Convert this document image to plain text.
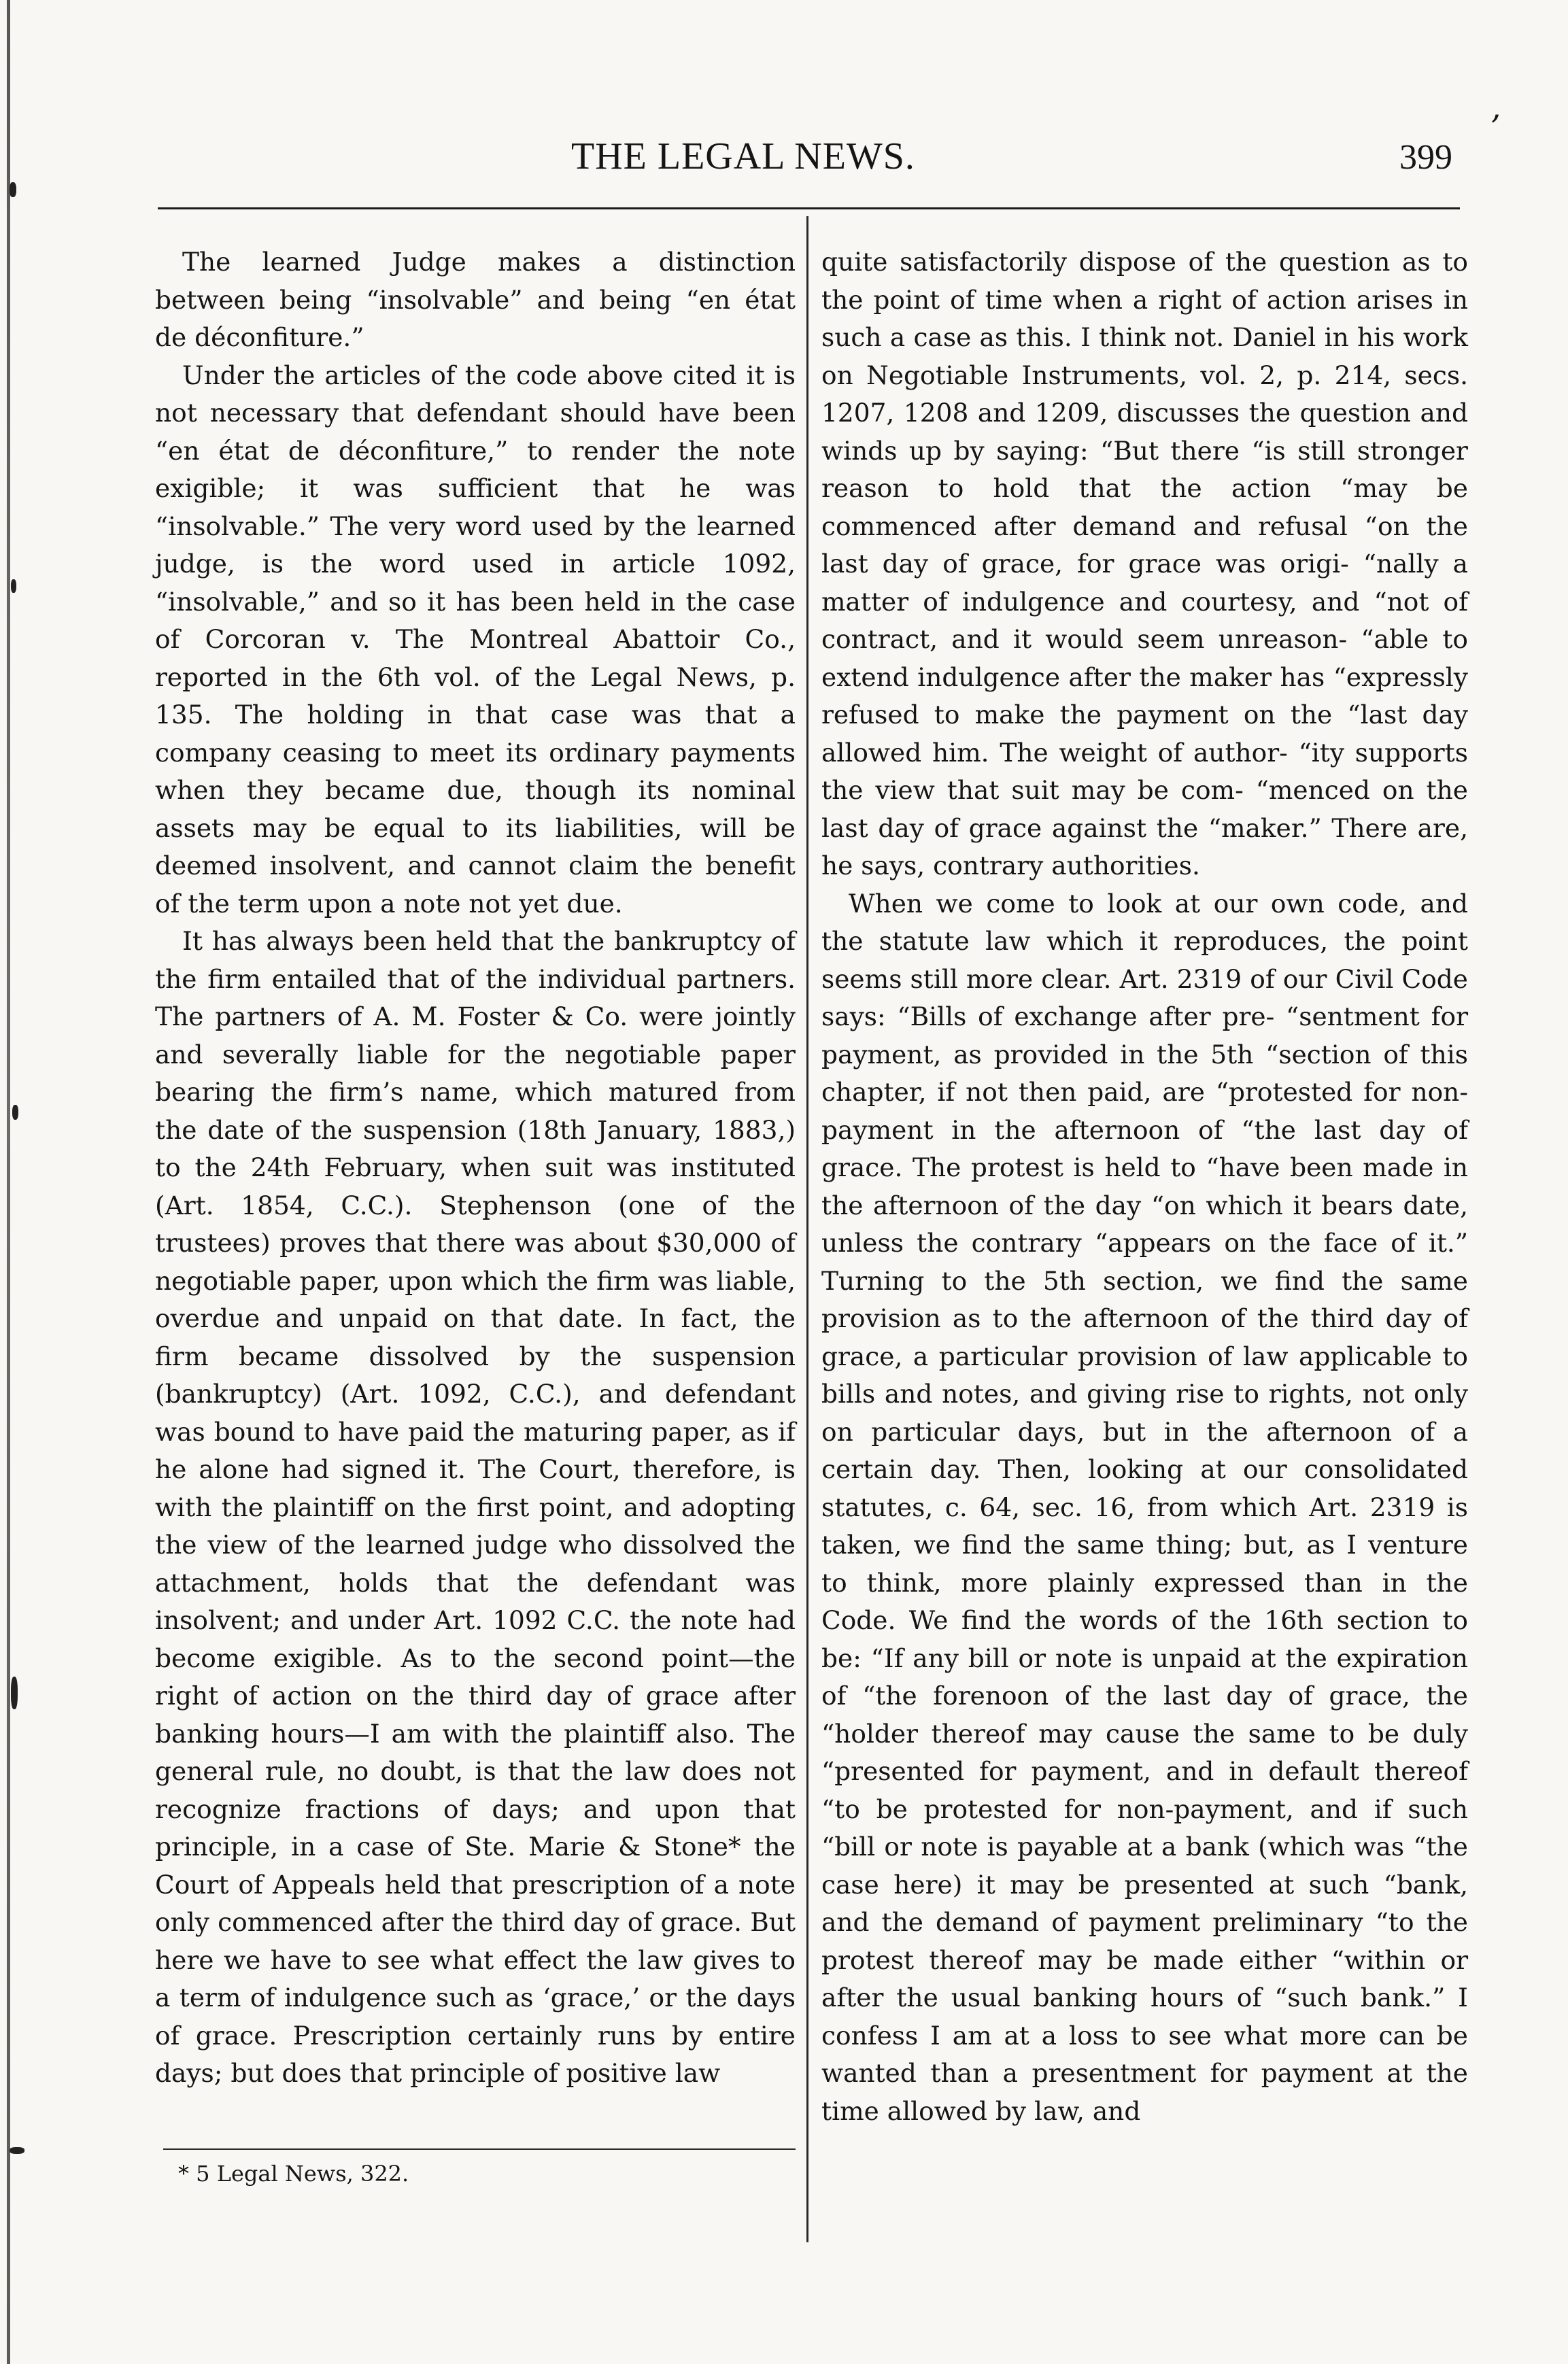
ʼ
THE LEGAL NEWS.	399

The learned Judge makes a distinction between being “insolvable” and being “en état de déconfiture.”

Under the articles of the code above cited it is not necessary that defendant should have been “en état de déconfiture,” to render the note exigible; it was sufficient that he was “insolvable.” The very word used by the learned judge, is the word used in article 1092, “insolvable,” and so it has been held in the case of Corcoran v. The Montreal Abattoir Co., reported in the 6th vol. of the Legal News, p. 135. The holding in that case was that a company ceasing to meet its ordinary payments when they became due, though its nominal assets may be equal to its liabilities, will be deemed insolvent, and cannot claim the benefit of the term upon a note not yet due.

It has always been held that the bankruptcy of the firm entailed that of the individual partners. The partners of A. M. Foster & Co. were jointly and severally liable for the negotiable paper bearing the firm’s name, which matured from the date of the suspension (18th January, 1883,) to the 24th February, when suit was instituted (Art. 1854, C.C.). Stephenson (one of the trustees) proves that there was about $30,000 of negotiable paper, upon which the firm was liable, overdue and unpaid on that date. In fact, the firm became dissolved by the suspension (bankruptcy) (Art. 1092, C.C.), and defendant was bound to have paid the maturing paper, as if he alone had signed it. The Court, therefore, is with the plaintiff on the first point, and adopting the view of the learned judge who dissolved the attachment, holds that the defendant was insolvent; and under Art. 1092 C.C. the note had become exigible. As to the second point—the right of action on the third day of grace after banking hours—I am with the plaintiff also. The general rule, no doubt, is that the law does not recognize fractions of days; and upon that principle, in a case of Ste. Marie & Stone* the Court of Appeals held that prescription of a note only commenced after the third day of grace. But here we have to see what effect the law gives to a term of indulgence such as ‘grace,’ or the days of grace. Prescription certainly runs by entire days; but does that principle of positive law

quite satisfactorily dispose of the question as to the point of time when a right of action arises in such a case as this. I think not. Daniel in his work on Negotiable Instruments, vol. 2, p. 214, secs. 1207, 1208 and 1209, discusses the question and winds up by saying: “But there “is still stronger reason to hold that the action “may be commenced after demand and refusal “on the last day of grace, for grace was origi- “nally a matter of indulgence and courtesy, and “not of contract, and it would seem unreason- “able to extend indulgence after the maker has “expressly refused to make the payment on the “last day allowed him. The weight of author- “ity supports the view that suit may be com- “menced on the last day of grace against the “maker.” There are, he says, contrary authorities.

When we come to look at our own code, and the statute law which it reproduces, the point seems still more clear. Art. 2319 of our Civil Code says: “Bills of exchange after pre- “sentment for payment, as provided in the 5th “section of this chapter, if not then paid, are “protested for non-payment in the afternoon of “the last day of grace. The protest is held to “have been made in the afternoon of the day “on which it bears date, unless the contrary “appears on the face of it.” Turning to the 5th section, we find the same provision as to the afternoon of the third day of grace, a particular provision of law applicable to bills and notes, and giving rise to rights, not only on particular days, but in the afternoon of a certain day. Then, looking at our consolidated statutes, c. 64, sec. 16, from which Art. 2319 is taken, we find the same thing; but, as I venture to think, more plainly expressed than in the Code. We find the words of the 16th section to be: “If any bill or note is unpaid at the expiration of “the forenoon of the last day of grace, the “holder thereof may cause the same to be duly “presented for payment, and in default thereof “to be protested for non-payment, and if such “bill or note is payable at a bank (which was “the case here) it may be presented at such “bank, and the demand of payment preliminary “to the protest thereof may be made either “within or after the usual banking hours of “such bank.” I confess I am at a loss to see what more can be wanted than a presentment for payment at the time allowed by law, and

* 5 Legal News, 322.
